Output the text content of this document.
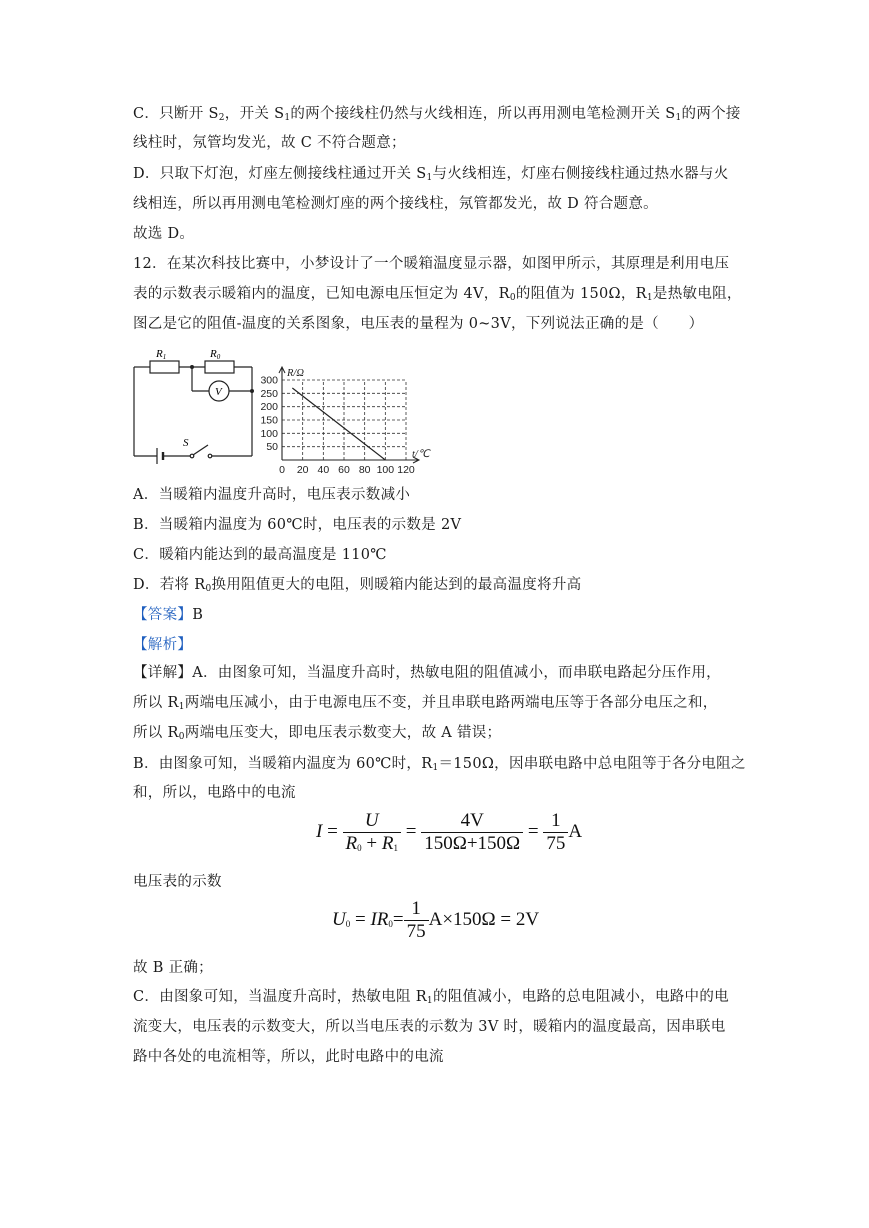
C．只断开 $S_2$，开关 $S_1$的两个接线柱仍然与火线相连，所以再用测电笔检测开关 $S_1$的两个接
线柱时，氖管均发光，故 C 不符合题意；
D．只取下灯泡，灯座左侧接线柱通过开关 $S_1$与火线相连，灯座右侧接线柱通过热水器与火
线相连，所以再用测电笔检测灯座的两个接线柱，氖管都发光，故 D 符合题意。
故选 D。
12．在某次科技比赛中，小梦设计了一个暖箱温度显示器，如图甲所示，其原理是利用电压
表的示数表示暖箱内的温度，已知电源电压恒定为 4V，$R_0$的阻值为 150Ω，$R_1$是热敏电阻，
图乙是它的阻值-温度的关系图象，电压表的量程为 0~3V，下列说法正确的是（　　）
R1	R0
V
S	50
100
150
200
250
300
0 20 40 60 80 100 120
R/Ω
t/℃
A．当暖箱内温度升高时，电压表示数减小
B．当暖箱内温度为 60℃时，电压表的示数是 2V
C．暖箱内能达到的最高温度是 110℃
D．若将 $R_0$换用阻值更大的电阻，则暖箱内能达到的最高温度将升高
【答案】B
【解析】
【详解】A．由图象可知，当温度升高时，热敏电阻的阻值减小，而串联电路起分压作用，
所以 $R_1$两端电压减小，由于电源电压不变，并且串联电路两端电压等于各部分电压之和，
所以 $R_0$两端电压变大，即电压表示数变大，故 A 错误；
B．由图象可知，当暖箱内温度为 60℃时，$R_1=150\Omega$，因串联电路中总电阻等于各分电阻之
和，所以，电路中的电流
$I = \frac{U}{R_0 + R_1} = \frac{4V}{150\Omega+150\Omega} = \frac{1}{75}$ A
电压表的示数
$U_0 = IR_0= \frac{1}{75} A\times 150\Omega = 2V$
故 B 正确；
C．由图象可知，当温度升高时，热敏电阻 $R_1$的阻值减小，电路的总电阻减小，电路中的电
流变大，电压表的示数变大，所以当电压表的示数为 3V 时，暖箱内的温度最高，因串联电
路中各处的电流相等，所以，此时电路中的电流
